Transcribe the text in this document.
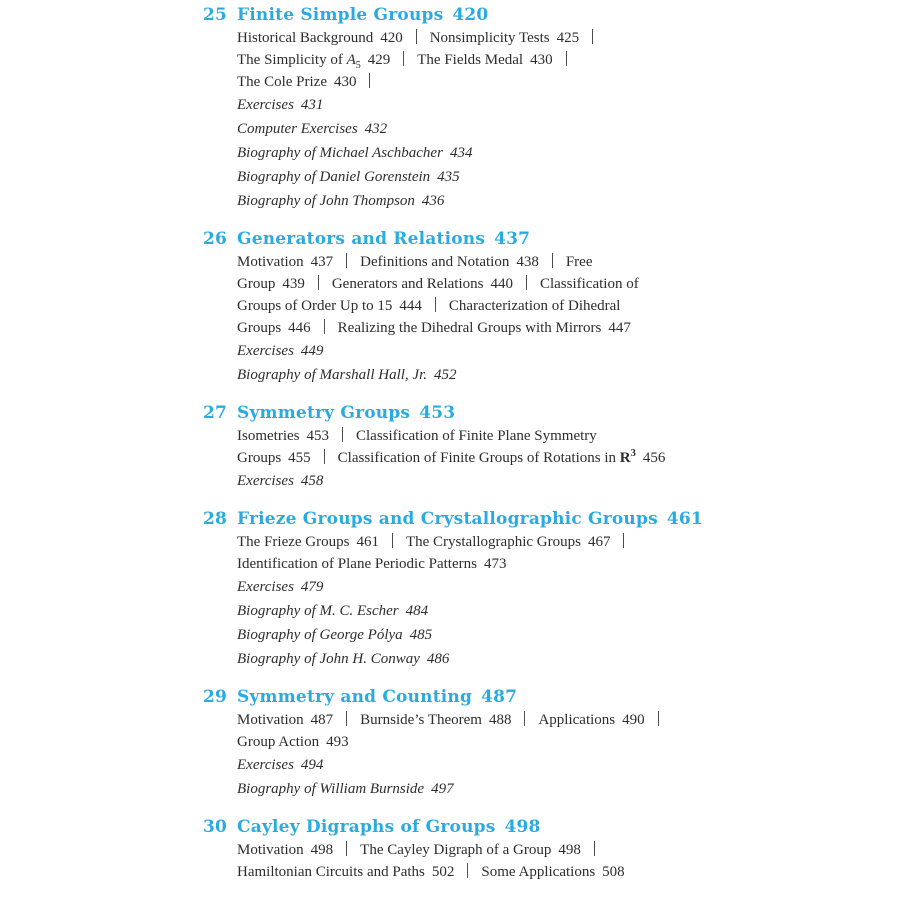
25 Finite Simple Groups 420
Historical Background 420 Nonsimplicity Tests 425
The Simplicity of $A_5$ 429 The Fields Medal 430
The Cole Prize 430
Exercises 431
Computer Exercises 432
Biography of Michael Aschbacher 434
Biography of Daniel Gorenstein 435
Biography of John Thompson 436
26 Generators and Relations 437
Motivation 437 Definitions and Notation 438 Free
Group 439 Generators and Relations 440 Classification of
Groups of Order Up to 15 444 Characterization of Dihedral
Groups 446 Realizing the Dihedral Groups with Mirrors 447
Exercises 449
Biography of Marshall Hall, Jr. 452
27 Symmetry Groups 453
Isometries 453 Classification of Finite Plane Symmetry
Groups 455 Classification of Finite Groups of Rotations in $R^3$ 456
Exercises 458
28 Frieze Groups and Crystallographic Groups 461
The Frieze Groups 461 The Crystallographic Groups 467
Identification of Plane Periodic Patterns 473
Exercises 479
Biography of M. C. Escher 484
Biography of George Pólya 485
Biography of John H. Conway 486
29 Symmetry and Counting 487
Motivation 487 Burnside’s Theorem 488 Applications 490
Group Action 493
Exercises 494
Biography of William Burnside 497
30 Cayley Digraphs of Groups 498
Motivation 498 The Cayley Digraph of a Group 498
Hamiltonian Circuits and Paths 502 Some Applications 508
